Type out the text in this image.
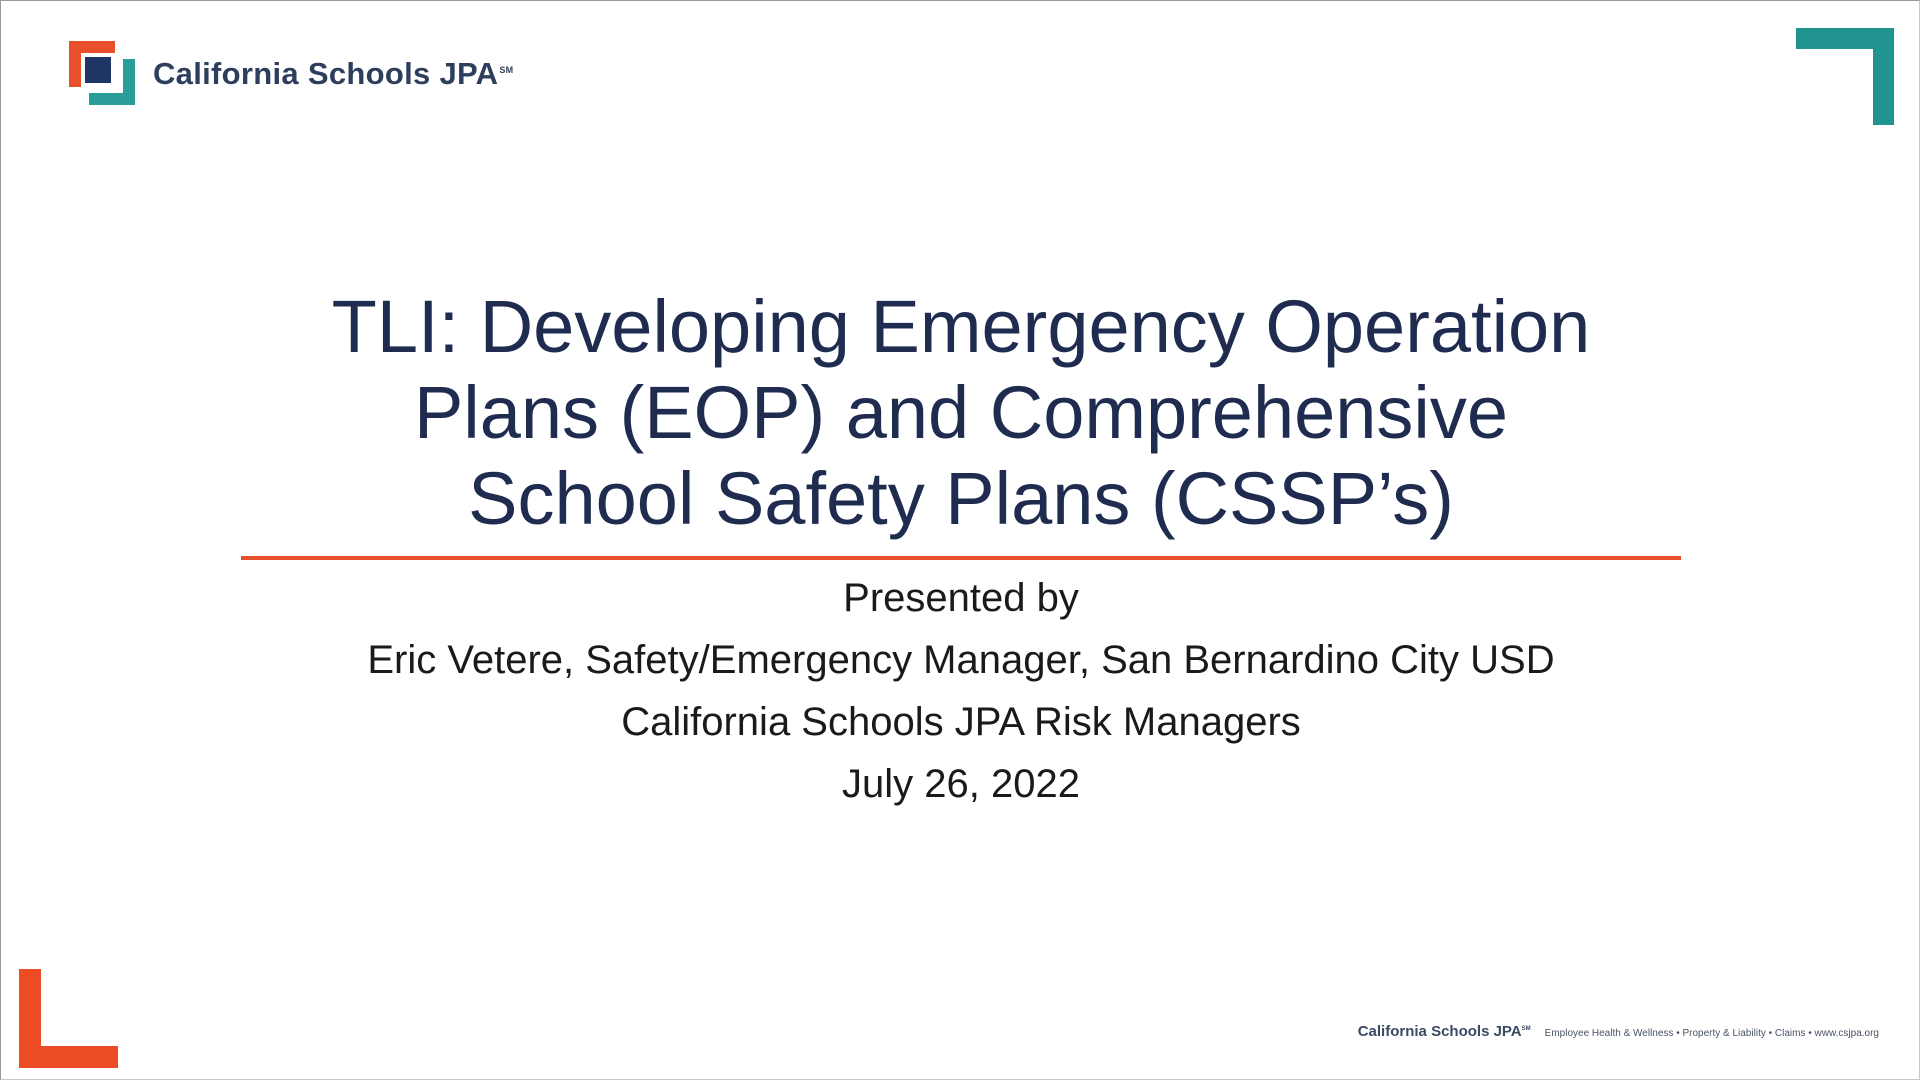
California Schools JPA℠
TLI: Developing Emergency Operation
Plans (EOP) and Comprehensive
School Safety Plans (CSSP’s)
Presented by
Eric Vetere, Safety/Emergency Manager, San Bernardino City USD
California Schools JPA Risk Managers
July 26, 2022
California Schools JPA℠ Employee Health & Wellness • Property & Liability • Claims • www.csjpa.org
